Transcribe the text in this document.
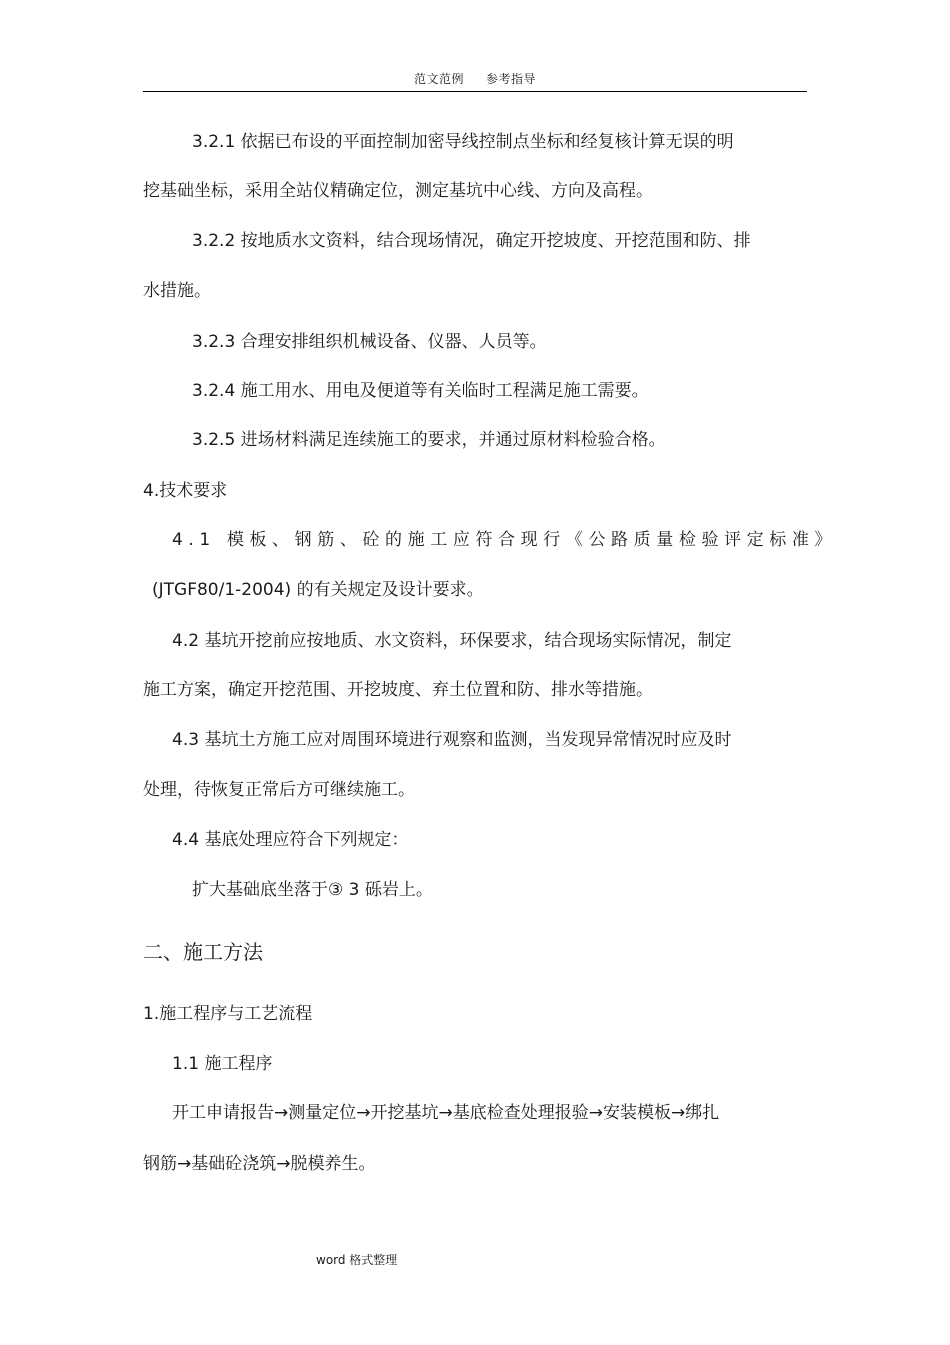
范文范例 参考指导

3.2.1 依据已布设的平面控制加密导线控制点坐标和经复核计算无误的明

挖基础坐标，采用全站仪精确定位，测定基坑中心线、方向及高程。

3.2.2 按地质水文资料，结合现场情况，确定开挖坡度、开挖范围和防、排

水措施。

3.2.3 合理安排组织机械设备、仪器、人员等。

3.2.4 施工用水、用电及便道等有关临时工程满足施工需要。

3.2.5 进场材料满足连续施工的要求，并通过原材料检验合格。

4.技术要求

4.1 模板、钢筋、砼的施工应符合现行《公路质量检验评定标准》

(JTGF80/1-2004) 的有关规定及设计要求。

4.2 基坑开挖前应按地质、水文资料，环保要求，结合现场实际情况，制定

施工方案，确定开挖范围、开挖坡度、弃土位置和防、排水等措施。

4.3 基坑土方施工应对周围环境进行观察和监测，当发现异常情况时应及时

处理，待恢复正常后方可继续施工。

4.4 基底处理应符合下列规定：

扩大基础底坐落于③ 3 砾岩上。

二、施工方法

1.施工程序与工艺流程

1.1 施工程序

开工申请报告→测量定位→开挖基坑→基底检查处理报验→安装模板→绑扎

钢筋→基础砼浇筑→脱模养生。

word 格式整理
